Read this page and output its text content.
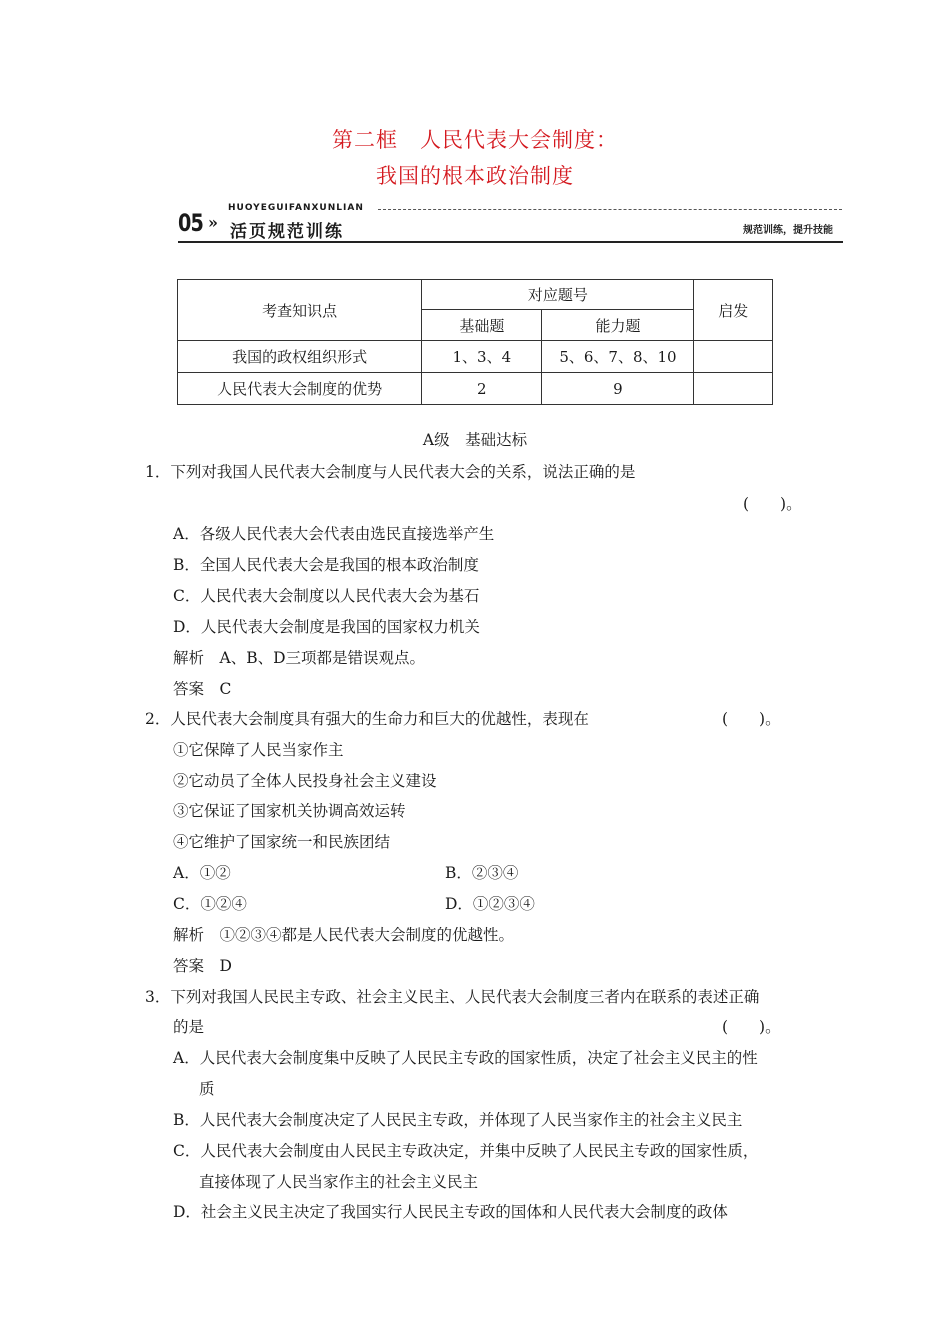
第二框 人民代表大会制度：
我国的根本政治制度
05 »
HUOYEGUIFANXUNLIAN
活页规范训练	规范训练，提升技能
考查知识点	对应题号		启发
	基础题	能力题	
我国的政权组织形式	1、3、4	5、6、7、8、10	
人民代表大会制度的优势	2	9	
A级　基础达标
1．下列对我国人民代表大会制度与人民代表大会的关系，说法正确的是
(　　)。
A．各级人民代表大会代表由选民直接选举产生
B．全国人民代表大会是我国的根本政治制度
C．人民代表大会制度以人民代表大会为基石
D．人民代表大会制度是我国的国家权力机关
解析　A、B、D三项都是错误观点。
答案　C
2．人民代表大会制度具有强大的生命力和巨大的优越性，表现在	(　　)。
①它保障了人民当家作主
②它动员了全体人民投身社会主义建设
③它保证了国家机关协调高效运转
④它维护了国家统一和民族团结
A．①②	B．②③④
C．①②④	D．①②③④
解析　①②③④都是人民代表大会制度的优越性。
答案　D
3．下列对我国人民民主专政、社会主义民主、人民代表大会制度三者内在联系的表述正确
的是	(　　)。
A．人民代表大会制度集中反映了人民民主专政的国家性质，决定了社会主义民主的性
质
B．人民代表大会制度决定了人民民主专政，并体现了人民当家作主的社会主义民主
C．人民代表大会制度由人民民主专政决定，并集中反映了人民民主专政的国家性质，
直接体现了人民当家作主的社会主义民主
D．社会主义民主决定了我国实行人民民主专政的国体和人民代表大会制度的政体
